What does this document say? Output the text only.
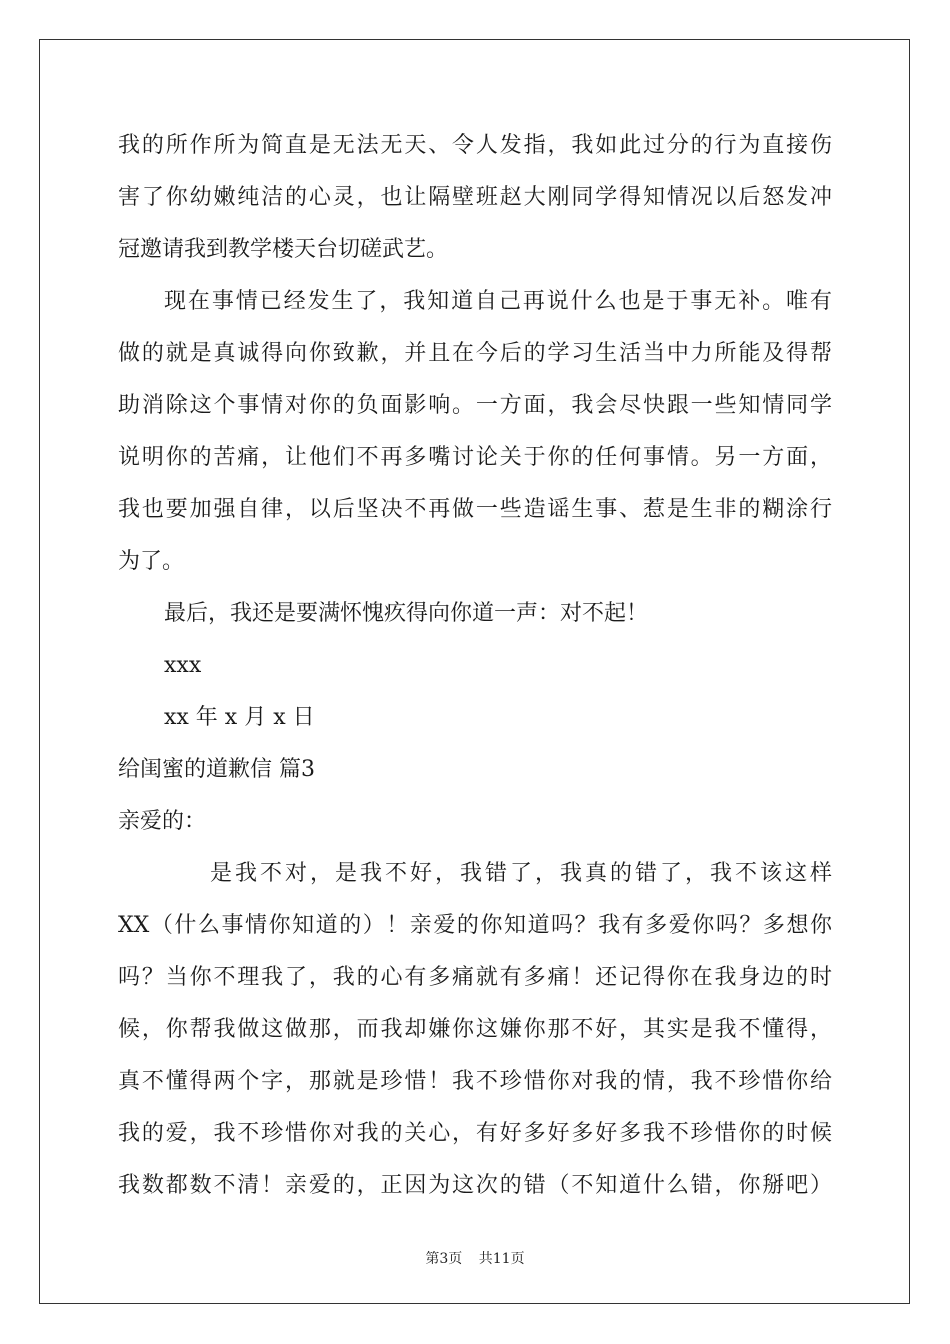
我的所作所为简直是无法无天、令人发指，我如此过分的行为直接伤
害了你幼嫩纯洁的心灵，也让隔壁班赵大刚同学得知情况以后怒发冲
冠邀请我到教学楼天台切磋武艺。
现在事情已经发生了，我知道自己再说什么也是于事无补。唯有
做的就是真诚得向你致歉，并且在今后的学习生活当中力所能及得帮
助消除这个事情对你的负面影响。一方面，我会尽快跟一些知情同学
说明你的苦痛，让他们不再多嘴讨论关于你的任何事情。另一方面，
我也要加强自律，以后坚决不再做一些造谣生事、惹是生非的糊涂行
为了。
最后，我还是要满怀愧疚得向你道一声：对不起！
xxx
xx 年 x 月 x 日
给闺蜜的道歉信 篇3
亲爱的：
是我不对，是我不好，我错了，我真的错了，我不该这样
XX（什么事情你知道的）！亲爱的你知道吗？我有多爱你吗？多想你
吗？当你不理我了，我的心有多痛就有多痛！还记得你在我身边的时
候，你帮我做这做那，而我却嫌你这嫌你那不好，其实是我不懂得，
真不懂得两个字，那就是珍惜！我不珍惜你对我的情，我不珍惜你给
我的爱，我不珍惜你对我的关心，有好多好多好多我不珍惜你的时候
我数都数不清！亲爱的，正因为这次的错（不知道什么错，你掰吧）
第3页 共11页
